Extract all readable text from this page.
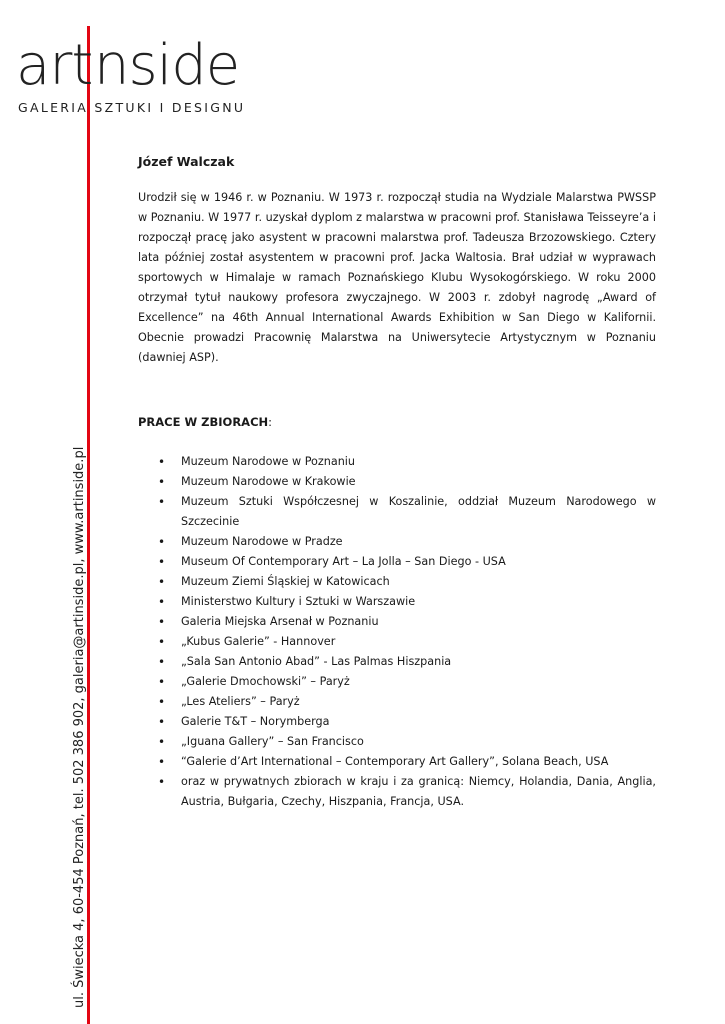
art nside
GALERIA SZTUKI I DESIGNU
ul. Świecka 4, 60-454 Poznań, tel. 502 386 902, galeria@artinside.pl, www.artinside.pl
Józef Walczak

Urodził się w 1946 r. w Poznaniu. W 1973 r. rozpoczął studia na Wydziale Malarstwa PWSSP w Poznaniu. W 1977 r. uzyskał dyplom z malarstwa w pracowni prof. Stanisława Teisseyre’a i rozpoczął pracę jako asystent w pracowni malarstwa prof. Tadeusza Brzozowskiego. Cztery lata później został asystentem w pracowni prof. Jacka Waltosia. Brał udział w wyprawach sportowych w Himalaje w ramach Poznańskiego Klubu Wysokogórskiego. W roku 2000 otrzymał tytuł naukowy profesora zwyczajnego. W 2003 r. zdobył nagrodę „Award of Excellence” na 46th Annual International Awards Exhibition w San Diego w Kalifornii. Obecnie prowadzi Pracownię Malarstwa na Uniwersytecie Artystycznym w Poznaniu (dawniej ASP).

PRACE W ZBIORACH:
• Muzeum Narodowe w Poznaniu
• Muzeum Narodowe w Krakowie
• Muzeum Sztuki Współczesnej w Koszalinie, oddział Muzeum Narodowego w Szczecinie
• Muzeum Narodowe w Pradze
• Museum Of Contemporary Art – La Jolla – San Diego - USA
• Muzeum Ziemi Śląskiej w Katowicach
• Ministerstwo Kultury i Sztuki w Warszawie
• Galeria Miejska Arsenał w Poznaniu
• „Kubus Galerie” - Hannover
• „Sala San Antonio Abad” - Las Palmas Hiszpania
• „Galerie Dmochowski” – Paryż
• „Les Ateliers” – Paryż
• Galerie T&T – Norymberga
• „Iguana Gallery” – San Francisco
• “Galerie d’Art International – Contemporary Art Gallery”, Solana Beach, USA
• oraz w prywatnych zbiorach w kraju i za granicą: Niemcy, Holandia, Dania, Anglia, Austria, Bułgaria, Czechy, Hiszpania, Francja, USA.
